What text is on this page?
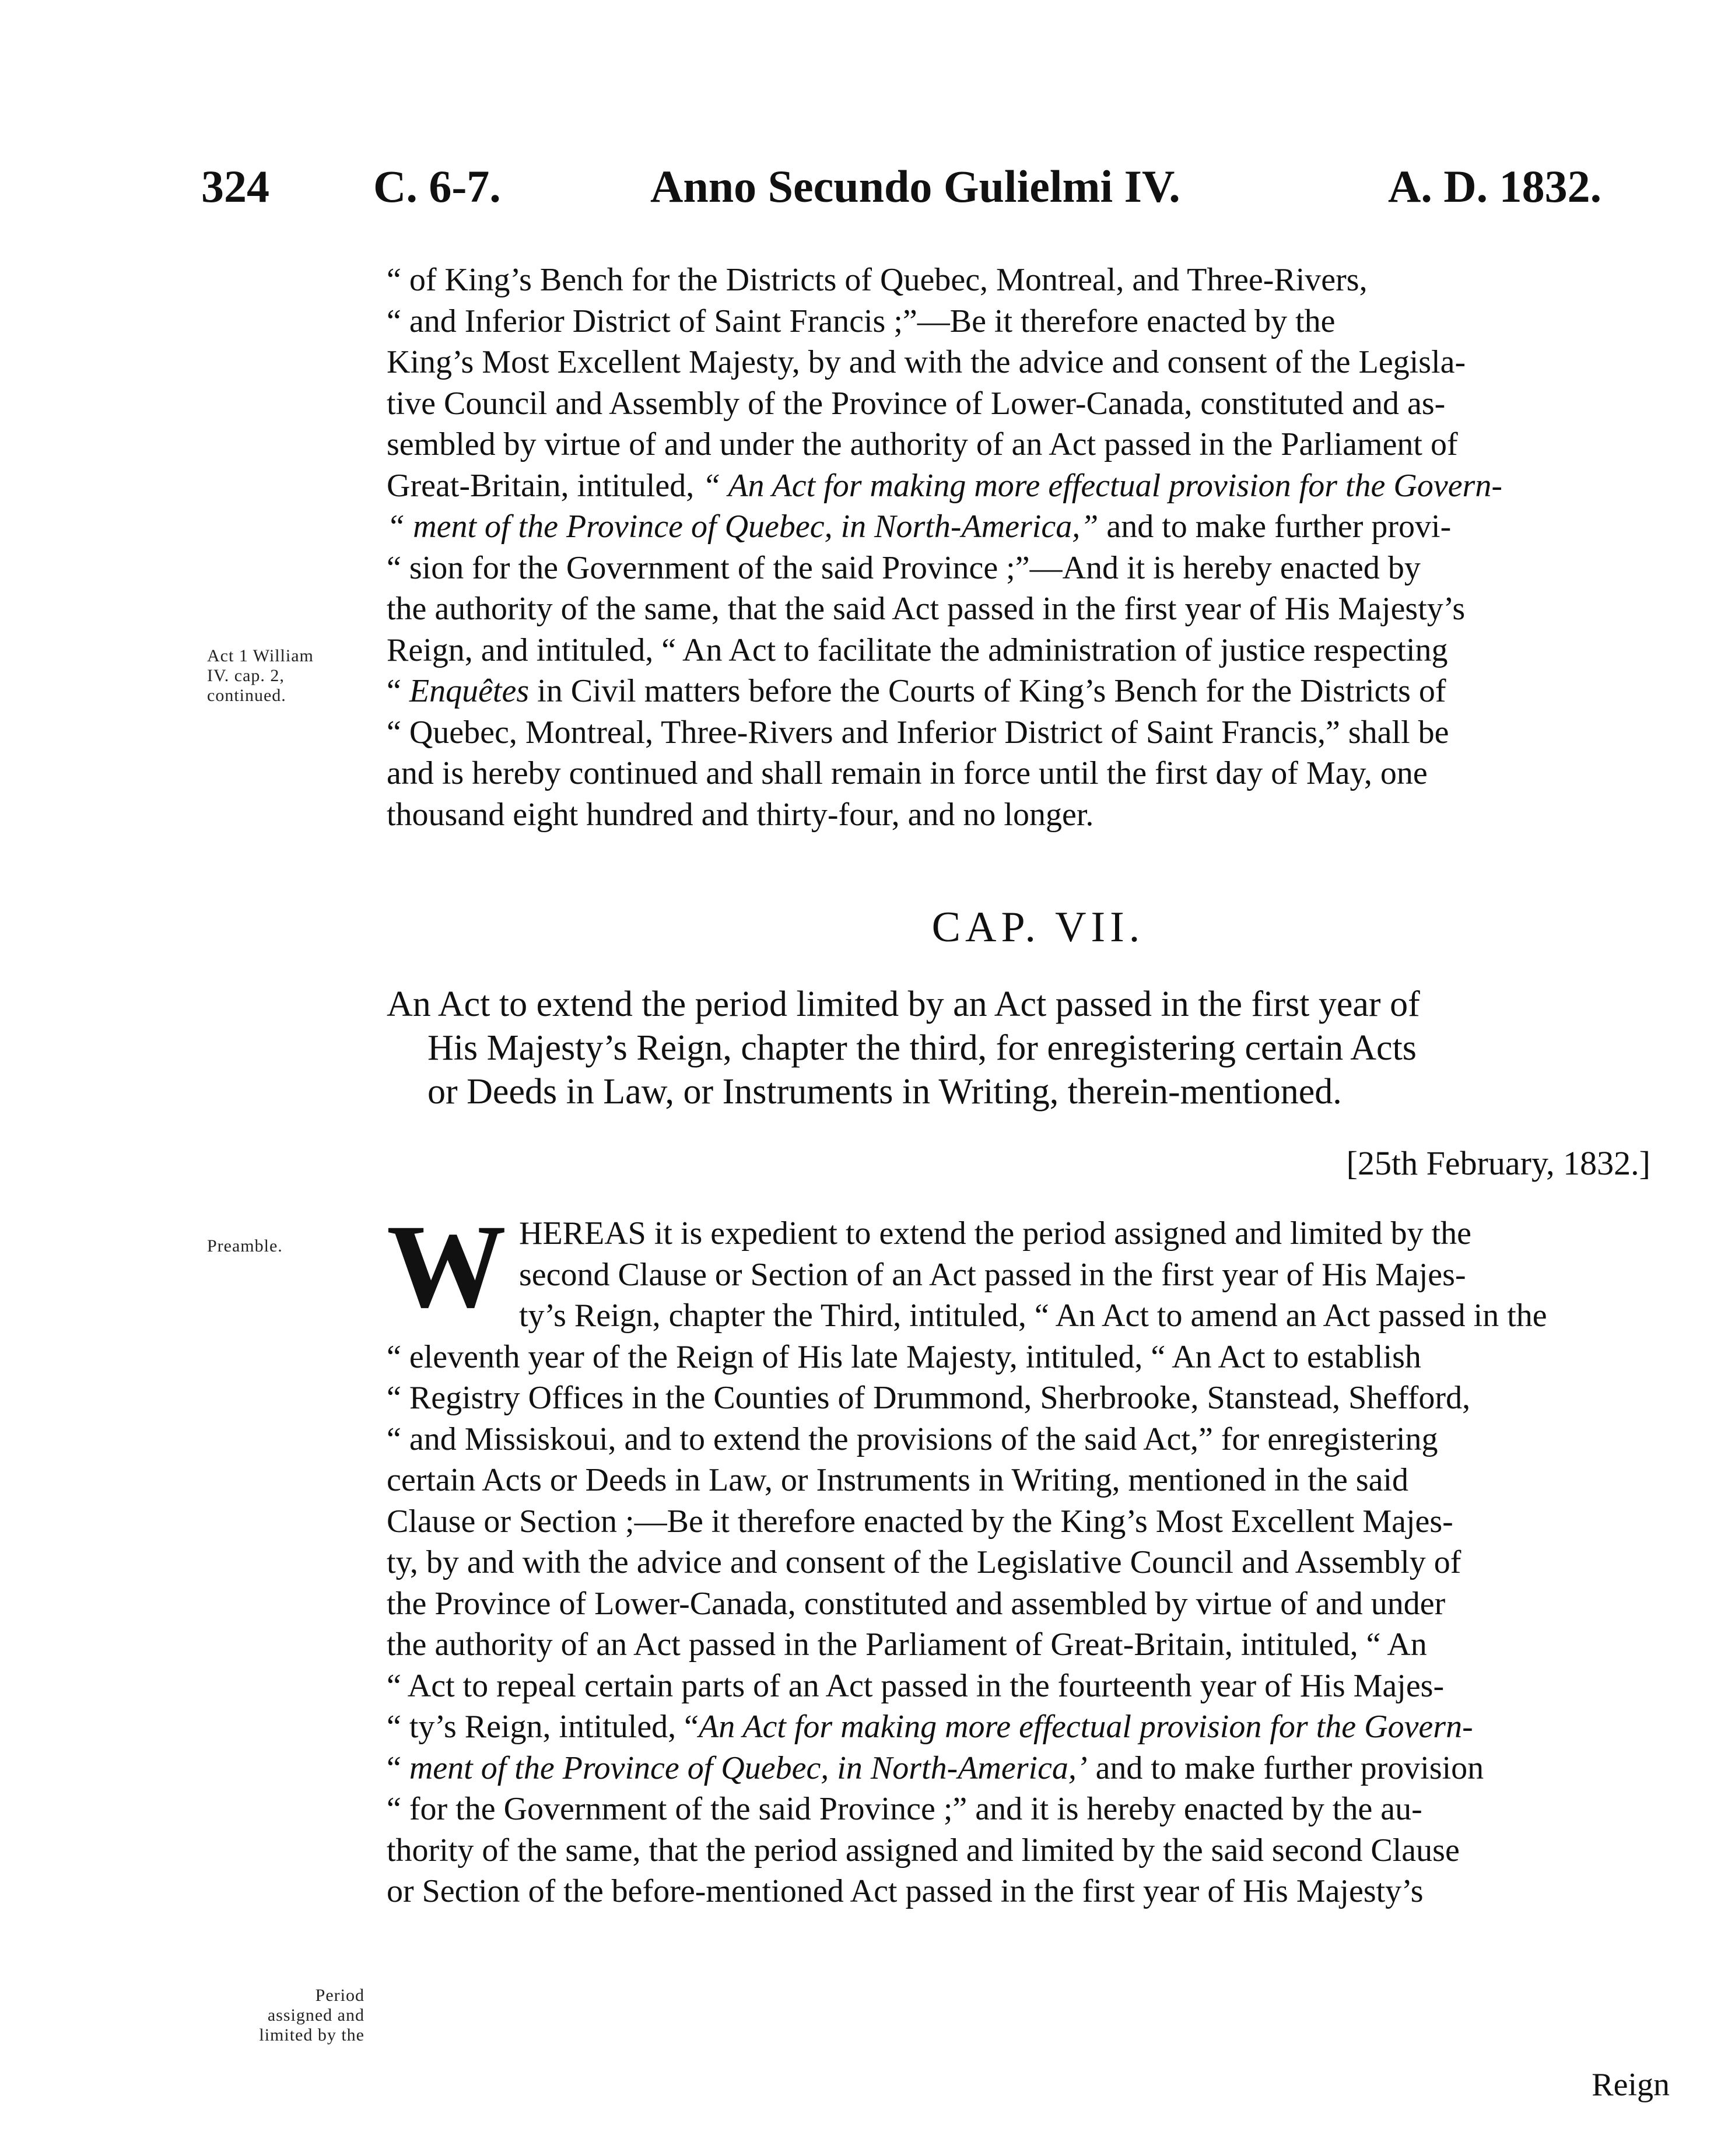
324 C. 6-7.	Anno Secundo Gulielmi IV.	A. D. 1832.

“ of King’s Bench for the Districts of Quebec, Montreal, and Three-Rivers,
“ and Inferior District of Saint Francis ;”—Be it therefore enacted by the
King’s Most Excellent Majesty, by and with the advice and consent of the Legisla-
tive Council and Assembly of the Province of Lower-Canada, constituted and as-
sembled by virtue of and under the authority of an Act passed in the Parliament of
Great-Britain, intituled, “ An Act for making more effectual provision for the Govern-
“ ment of the Province of Quebec, in North-America,” and to make further provi-
“ sion for the Government of the said Province ;”—And it is hereby enacted by
the authority of the same, that the said Act passed in the first year of His Majesty’s
Reign, and intituled, “ An Act to facilitate the administration of justice respecting
“ Enquêtes in Civil matters before the Courts of King’s Bench for the Districts of
“ Quebec, Montreal, Three-Rivers and Inferior District of Saint Francis,” shall be
and is hereby continued and shall remain in force until the first day of May, one
thousand eight hundred and thirty-four, and no longer.

CAP. VII.

An Act to extend the period limited by an Act passed in the first year of
His Majesty’s Reign, chapter the third, for enregistering certain Acts
or Deeds in Law, or Instruments in Writing, therein-mentioned.

[25th February, 1832.]

W HEREAS it is expedient to extend the period assigned and limited by the
second Clause or Section of an Act passed in the first year of His Majes-
ty’s Reign, chapter the Third, intituled, “ An Act to amend an Act passed in the
“ eleventh year of the Reign of His late Majesty, intituled, “ An Act to establish
“ Registry Offices in the Counties of Drummond, Sherbrooke, Stanstead, Shefford,
“ and Missiskoui, and to extend the provisions of the said Act,” for enregistering
certain Acts or Deeds in Law, or Instruments in Writing, mentioned in the said
Clause or Section ;—Be it therefore enacted by the King’s Most Excellent Majes-
ty, by and with the advice and consent of the Legislative Council and Assembly of
the Province of Lower-Canada, constituted and assembled by virtue of and under
the authority of an Act passed in the Parliament of Great-Britain, intituled, “ An
“ Act to repeal certain parts of an Act passed in the fourteenth year of His Majes-
“ ty’s Reign, intituled, “An Act for making more effectual provision for the Govern-
“ ment of the Province of Quebec, in North-America,’ and to make further provision
“ for the Government of the said Province ;” and it is hereby enacted by the au-
thority of the same, that the period assigned and limited by the said second Clause
or Section of the before-mentioned Act passed in the first year of His Majesty’s

Reign

Act 1 William
IV. cap. 2,
continued.

Preamble.

Period
assigned and
limited by the
